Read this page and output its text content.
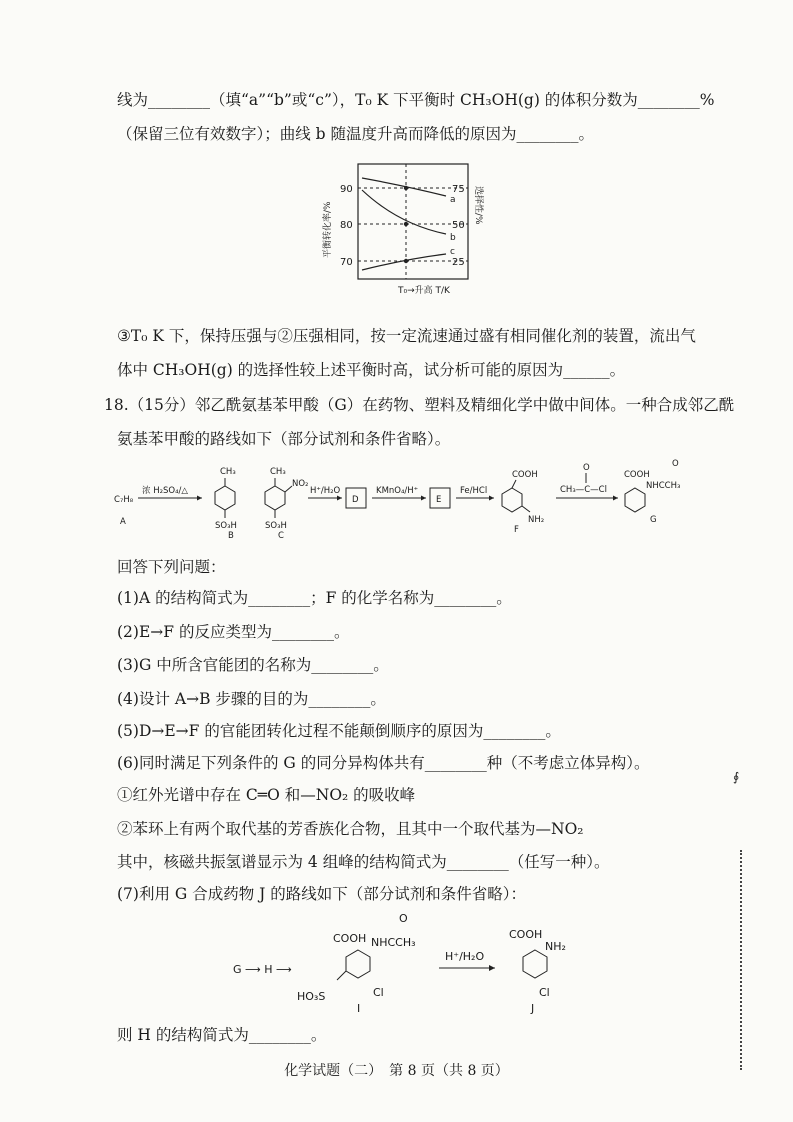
线为________（填“a”“b”或“c”），T₀ K 下平衡时 CH₃OH(g) 的体积分数为________%
（保留三位有效数字）；曲线 b 随温度升高而降低的原因为________。
90
80
70
75
50
25
a
b
c
平衡转化率/%	选择性/%
T₀→升高 T/K
③T₀ K 下，保持压强与②压强相同，按一定流速通过盛有相同催化剂的装置，流出气
体中 CH₃OH(g) 的选择性较上述平衡时高，试分析可能的原因为______。
18.（15分）邻乙酰氨基苯甲酸（G）在药物、塑料及精细化学中做中间体。一种合成邻乙酰
氨基苯甲酸的路线如下（部分试剂和条件省略）。
C₇H₈
A
浓 H₂SO₄/△
CH₃
SO₃H
B
CH₃
NO₂
SO₃H
C
H⁺/H₂O
D
KMnO₄/H⁺
E
Fe/HCl
COOH
NH₂
F
O
CH₃—C—Cl
COOH
O
NHCCH₃
G
回答下列问题：
(1)A 的结构简式为________；F 的化学名称为________。
(2)E→F 的反应类型为________。
(3)G 中所含官能团的名称为________。
(4)设计 A→B 步骤的目的为________。
(5)D→E→F 的官能团转化过程不能颠倒顺序的原因为________。
(6)同时满足下列条件的 G 的同分异构体共有________种（不考虑立体异构）。
①红外光谱中存在 C═O 和—NO₂ 的吸收峰
②苯环上有两个取代基的芳香族化合物，且其中一个取代基为—NO₂
其中，核磁共振氢谱显示为 4 组峰的结构简式为________（任写一种）。
(7)利用 G 合成药物 J 的路线如下（部分试剂和条件省略）：
G ⟶ H ⟶
COOH
O
NHCCH₃
HO₃S	Cl
I
H⁺/H₂O
COOH
NH₂
Cl
J
则 H 的结构简式为________。
∮
化学试题（二）　第 8 页（共 8 页）
